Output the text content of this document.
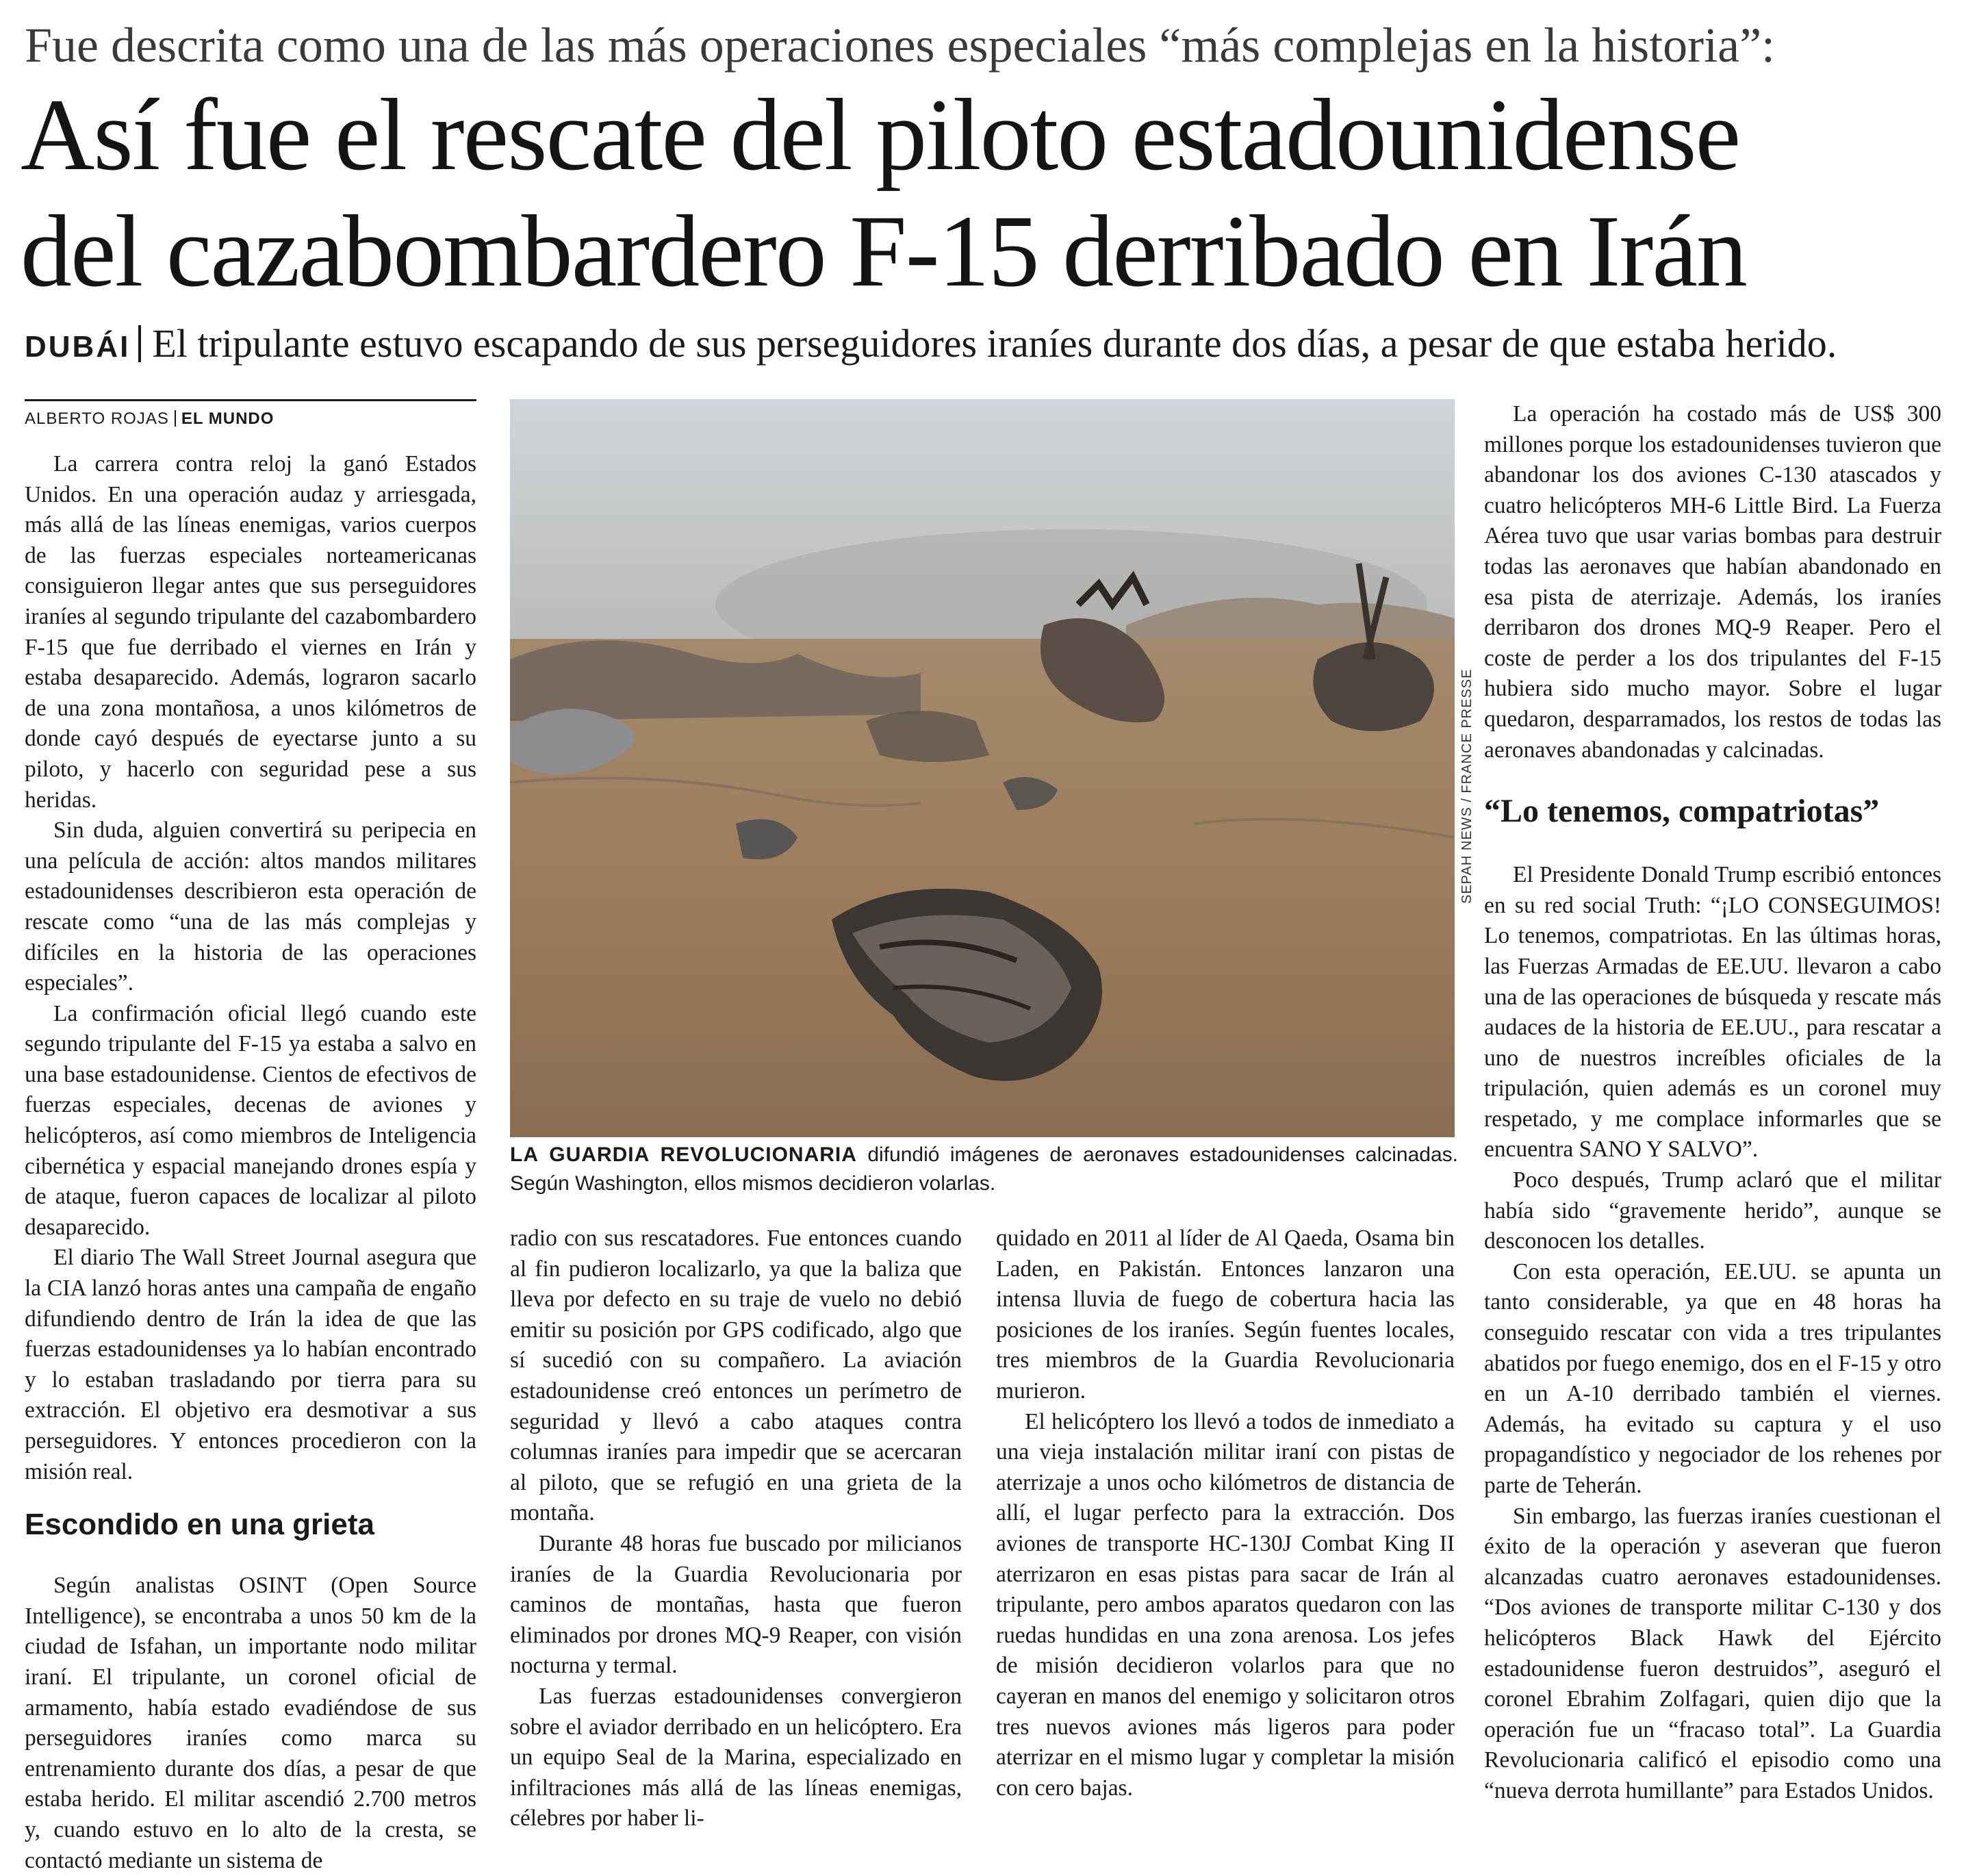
Fue descrita como una de las más operaciones especiales “más complejas en la historia”:
Así fue el rescate del piloto estadounidense
del cazabombardero F-15 derribado en Irán
DUBÁI El tripulante estuvo escapando de sus perseguidores iraníes durante dos días, a pesar de que estaba herido.
ALBERTO ROJAS EL MUNDO

La carrera contra reloj la ganó Estados Unidos. En una operación audaz y arriesgada, más allá de las líneas enemigas, varios cuerpos de las fuerzas especiales norteamericanas consiguieron llegar antes que sus perseguidores iraníes al segundo tripulante del cazabombardero F-15 que fue derribado el viernes en Irán y estaba desaparecido. Además, lograron sacarlo de una zona montañosa, a unos kilómetros de donde cayó después de eyectarse junto a su piloto, y hacerlo con seguridad pese a sus heridas.

Sin duda, alguien convertirá su peripecia en una película de acción: altos mandos militares estadounidenses describieron esta operación de rescate como “una de las más complejas y difíciles en la historia de las operaciones especiales”.

La confirmación oficial llegó cuando este segundo tripulante del F-15 ya estaba a salvo en una base estadounidense. Cientos de efectivos de fuerzas especiales, decenas de aviones y helicópteros, así como miembros de Inteligencia cibernética y espacial manejando drones espía y de ataque, fueron capaces de localizar al piloto desaparecido.

El diario The Wall Street Journal asegura que la CIA lanzó horas antes una campaña de engaño difundiendo dentro de Irán la idea de que las fuerzas estadounidenses ya lo habían encontrado y lo estaban trasladando por tierra para su extracción. El objetivo era desmotivar a sus perseguidores. Y entonces procedieron con la misión real.

Escondido en una grieta

Según analistas OSINT (Open Source Intelligence), se encontraba a unos 50 km de la ciudad de Isfahan, un importante nodo militar iraní. El tripulante, un coronel oficial de armamento, había estado evadiéndose de sus perseguidores iraníes como marca su entrenamiento durante dos días, a pesar de que estaba herido. El militar ascendió 2.700 metros y, cuando estuvo en lo alto de la cresta, se contactó mediante un sistema de

SEPAH NEWS / FRANCE PRESSE
LA GUARDIA REVOLUCIONARIA difundió imágenes de aeronaves estadounidenses calcinadas. Según Washington, ellos mismos decidieron volarlas.

radio con sus rescatadores. Fue entonces cuando al fin pudieron localizarlo, ya que la baliza que lleva por defecto en su traje de vuelo no debió emitir su posición por GPS codificado, algo que sí sucedió con su compañero. La aviación estadounidense creó entonces un perímetro de seguridad y llevó a cabo ataques contra columnas iraníes para impedir que se acercaran al piloto, que se refugió en una grieta de la montaña.

Durante 48 horas fue buscado por milicianos iraníes de la Guardia Revolucionaria por caminos de montañas, hasta que fueron eliminados por drones MQ-9 Reaper, con visión nocturna y termal.

Las fuerzas estadounidenses convergieron sobre el aviador derribado en un helicóptero. Era un equipo Seal de la Marina, especializado en infiltraciones más allá de las líneas enemigas, célebres por haber li-

quidado en 2011 al líder de Al Qaeda, Osama bin Laden, en Pakistán. Entonces lanzaron una intensa lluvia de fuego de cobertura hacia las posiciones de los iraníes. Según fuentes locales, tres miembros de la Guardia Revolucionaria murieron.

El helicóptero los llevó a todos de inmediato a una vieja instalación militar iraní con pistas de aterrizaje a unos ocho kilómetros de distancia de allí, el lugar perfecto para la extracción. Dos aviones de transporte HC-130J Combat King II aterrizaron en esas pistas para sacar de Irán al tripulante, pero ambos aparatos quedaron con las ruedas hundidas en una zona arenosa. Los jefes de misión decidieron volarlos para que no cayeran en manos del enemigo y solicitaron otros tres nuevos aviones más ligeros para poder aterrizar en el mismo lugar y completar la misión con cero bajas.

La operación ha costado más de US$ 300 millones porque los estadounidenses tuvieron que abandonar los dos aviones C-130 atascados y cuatro helicópteros MH-6 Little Bird. La Fuerza Aérea tuvo que usar varias bombas para destruir todas las aeronaves que habían abandonado en esa pista de aterrizaje. Además, los iraníes derribaron dos drones MQ-9 Reaper. Pero el coste de perder a los dos tripulantes del F-15 hubiera sido mucho mayor. Sobre el lugar quedaron, desparramados, los restos de todas las aeronaves abandonadas y calcinadas.

“Lo tenemos, compatriotas”

El Presidente Donald Trump escribió entonces en su red social Truth: “¡LO CONSEGUIMOS! Lo tenemos, compatriotas. En las últimas horas, las Fuerzas Armadas de EE.UU. llevaron a cabo una de las operaciones de búsqueda y rescate más audaces de la historia de EE.UU., para rescatar a uno de nuestros increíbles oficiales de la tripulación, quien además es un coronel muy respetado, y me complace informarles que se encuentra SANO Y SALVO”.

Poco después, Trump aclaró que el militar había sido “gravemente herido”, aunque se desconocen los detalles.

Con esta operación, EE.UU. se apunta un tanto considerable, ya que en 48 horas ha conseguido rescatar con vida a tres tripulantes abatidos por fuego enemigo, dos en el F-15 y otro en un A-10 derribado también el viernes. Además, ha evitado su captura y el uso propagandístico y negociador de los rehenes por parte de Teherán.

Sin embargo, las fuerzas iraníes cuestionan el éxito de la operación y aseveran que fueron alcanzadas cuatro aeronaves estadounidenses. “Dos aviones de transporte militar C-130 y dos helicópteros Black Hawk del Ejército estadounidense fueron destruidos”, aseguró el coronel Ebrahim Zolfagari, quien dijo que la operación fue un “fracaso total”. La Guardia Revolucionaria calificó el episodio como una “nueva derrota humillante” para Estados Unidos.
